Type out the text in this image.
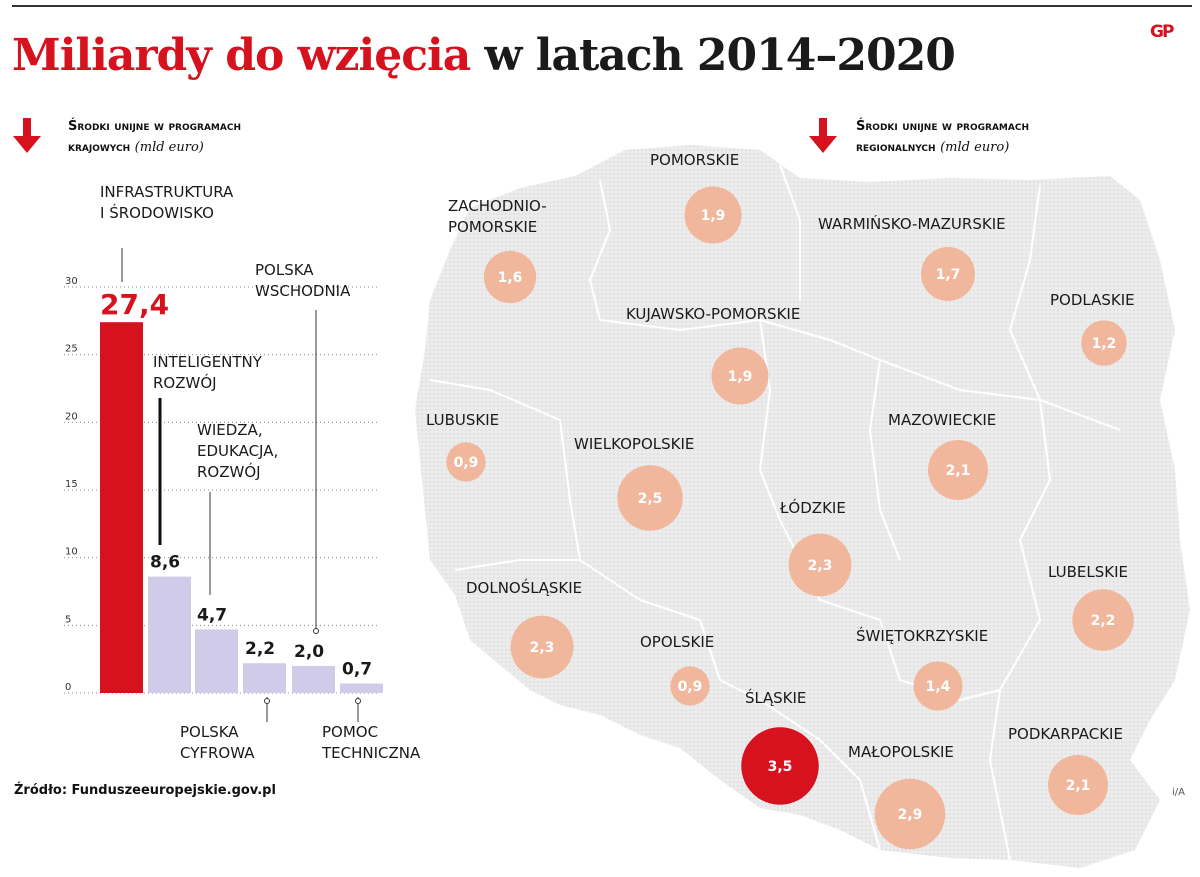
Miliardy do wzięcia w latach 2014–2020	GP
1,9
1,6	1,7
1,2
1,9
0,9
2,5
2,1
2,3
2,2
2,3
0,9	1,4
3,5
2,9
2,1
0
5
10
15
20
25
30
27,4
8,6
4,7
2,2 2,0
0,7
Środki unijne w programach
krajowych (mld euro)
Środki unijne w programach
regionalnych (mld euro)
INFRASTRUKTURA
I ŚRODOWISKO
INTELIGENTNY
ROZWÓJ
WIEDZA,
EDUKACJA,
ROZWÓJ
POLSKA
CYFROWA
POLSKA
WSCHODNIA
POMOC
TECHNICZNA
POMORSKIE
ZACHODNIO-
POMORSKIE	WARMIŃSKO-MAZURSKIE
PODLASKIE
KUJAWSKO-POMORSKIE
LUBUSKIE
WIELKOPOLSKIE
MAZOWIECKIE
ŁÓDZKIE
LUBELSKIE
DOLNOŚLĄSKIE
OPOLSKIE	ŚWIĘTOKRZYSKIE
ŚLĄSKIE
MAŁOPOLSKIE
PODKARPACKIE
Źródło: Funduszeeuropejskie.gov.pl	i/A
